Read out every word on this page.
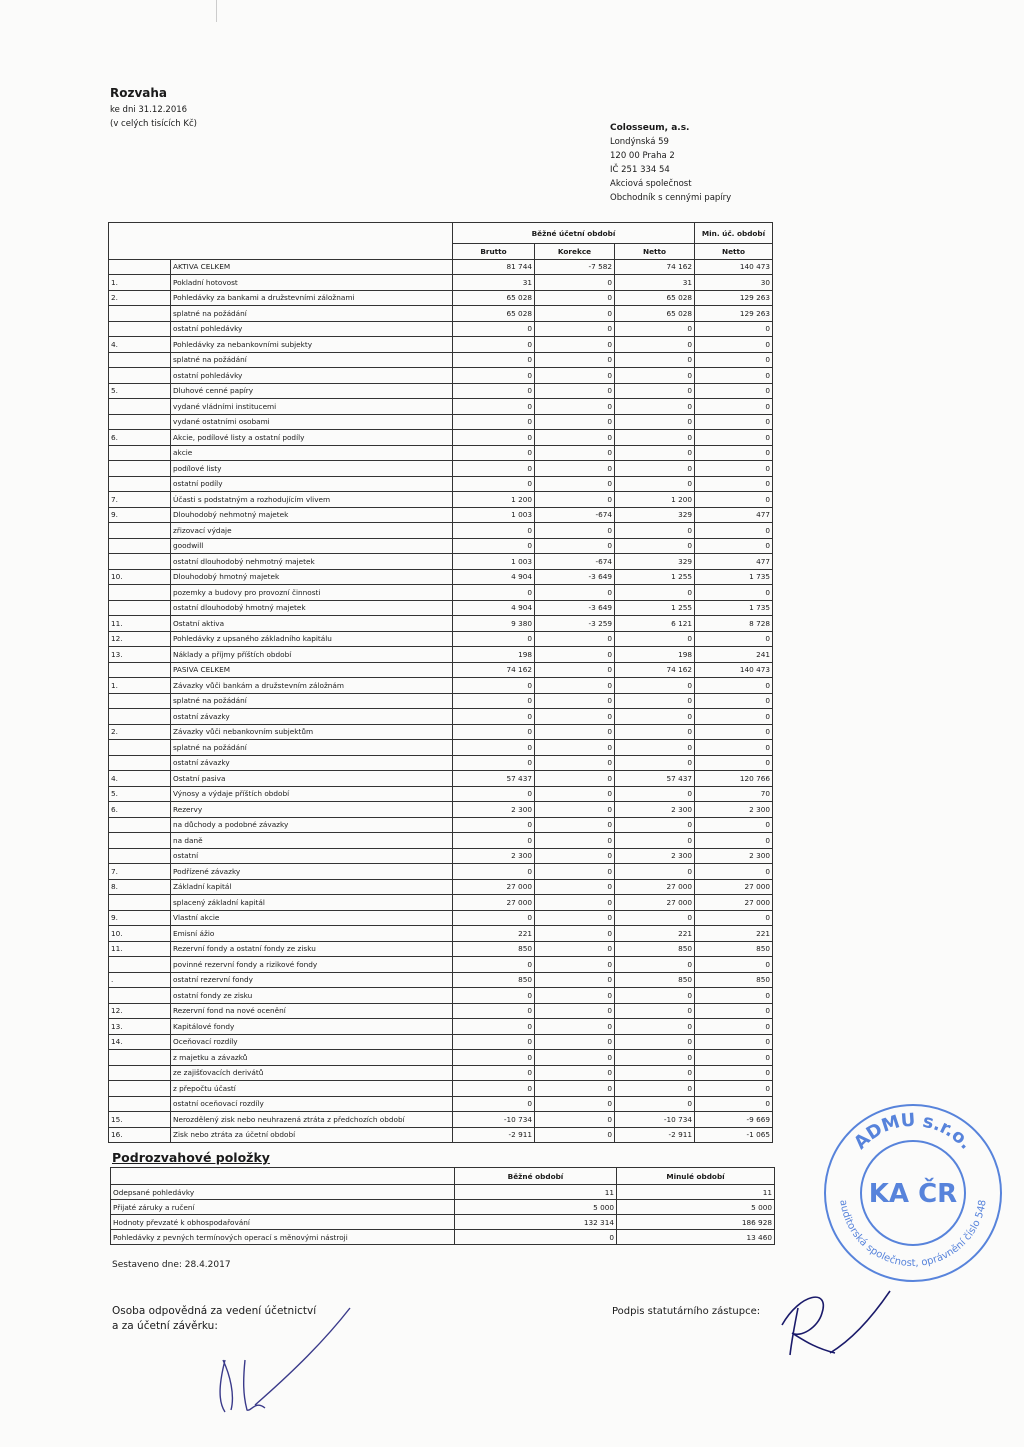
Rozvaha
ke dni 31.12.2016
(v celých tisících Kč)	Colosseum, a.s.
Londýnská 59
120 00 Praha 2
IČ 251 334 54
Akciová společnost
Obchodník s cennými papíry
		Běžné účetní období			Min. úč. období
		Brutto	Korekce	Netto	Netto
	AKTIVA CELKEM	81 744	-7 582	74 162	140 473
1.	Pokladní hotovost	31	0	31	30
2.	Pohledávky za bankami a družstevními záložnami	65 028	0	65 028	129 263
	splatné na požádání	65 028	0	65 028	129 263
	ostatní pohledávky	0	0	0	0
4.	Pohledávky za nebankovními subjekty	0	0	0	0
	splatné na požádání	0	0	0	0
	ostatní pohledávky	0	0	0	0
5.	Dluhové cenné papíry	0	0	0	0
	vydané vládními institucemi	0	0	0	0
	vydané ostatními osobami	0	0	0	0
6.	Akcie, podílové listy a ostatní podíly	0	0	0	0
	akcie	0	0	0	0
	podílové listy	0	0	0	0
	ostatní podíly	0	0	0	0
7.	Účasti s podstatným a rozhodujícím vlivem	1 200	0	1 200	0
9.	Dlouhodobý nehmotný majetek	1 003	-674	329	477
	zřizovací výdaje	0	0	0	0
	goodwill	0	0	0	0
	ostatní dlouhodobý nehmotný majetek	1 003	-674	329	477
10.	Dlouhodobý hmotný majetek	4 904	-3 649	1 255	1 735
	pozemky a budovy pro provozní činnosti	0	0	0	0
	ostatní dlouhodobý hmotný majetek	4 904	-3 649	1 255	1 735
11.	Ostatní aktiva	9 380	-3 259	6 121	8 728
12.	Pohledávky z upsaného základního kapitálu	0	0	0	0
13.	Náklady a příjmy příštích období	198	0	198	241
	PASIVA CELKEM	74 162	0	74 162	140 473
1.	Závazky vůči bankám a družstevním záložnám	0	0	0	0
	splatné na požádání	0	0	0	0
	ostatní závazky	0	0	0	0
2.	Závazky vůči nebankovním subjektům	0	0	0	0
	splatné na požádání	0	0	0	0
	ostatní závazky	0	0	0	0
4.	Ostatní pasiva	57 437	0	57 437	120 766
5.	Výnosy a výdaje příštích období	0	0	0	70
6.	Rezervy	2 300	0	2 300	2 300
	na důchody a podobné závazky	0	0	0	0
	na daně	0	0	0	0
	ostatní	2 300	0	2 300	2 300
7.	Podřízené závazky	0	0	0	0
8.	Základní kapitál	27 000	0	27 000	27 000
	splacený základní kapitál	27 000	0	27 000	27 000
9.	Vlastní akcie	0	0	0	0
10.	Emisní ážio	221	0	221	221
11.	Rezervní fondy a ostatní fondy ze zisku	850	0	850	850
	povinné rezervní fondy a rizikové fondy	0	0	0	0
.	ostatní rezervní fondy	850	0	850	850
	ostatní fondy ze zisku	0	0	0	0
12.	Rezervní fond na nové ocenění	0	0	0	0
13.	Kapitálové fondy	0	0	0	0
14.	Oceňovací rozdíly	0	0	0	0
	z majetku a závazků	0	0	0	0
	ze zajišťovacích derivátů	0	0	0	0
	z přepočtu účastí	0	0	0	0
	ostatní oceňovací rozdíly	0	0	0	0
15.	Nerozdělený zisk nebo neuhrazená ztráta z předchozích období	-10 734	0	-10 734	-9 669
16.	Zisk nebo ztráta za účetní období	-2 911	0	-2 911	-1 065
Podrozvahové položky
	Běžné období	Minulé období
Odepsané pohledávky	11	11
Přijaté záruky a ručení	5 000	5 000
Hodnoty převzaté k obhospodařování	132 314	186 928
Pohledávky z pevných termínových operací s měnovými nástroji	0	13 460
Sestaveno dne: 28.4.2017
Osoba odpovědná za vedení účetnictví
a za účetní závěrku:
Podpis statutárního zástupce:
ADMU s.r.o.
auditorská společnost, oprávnění číslo 548
KA ČR
